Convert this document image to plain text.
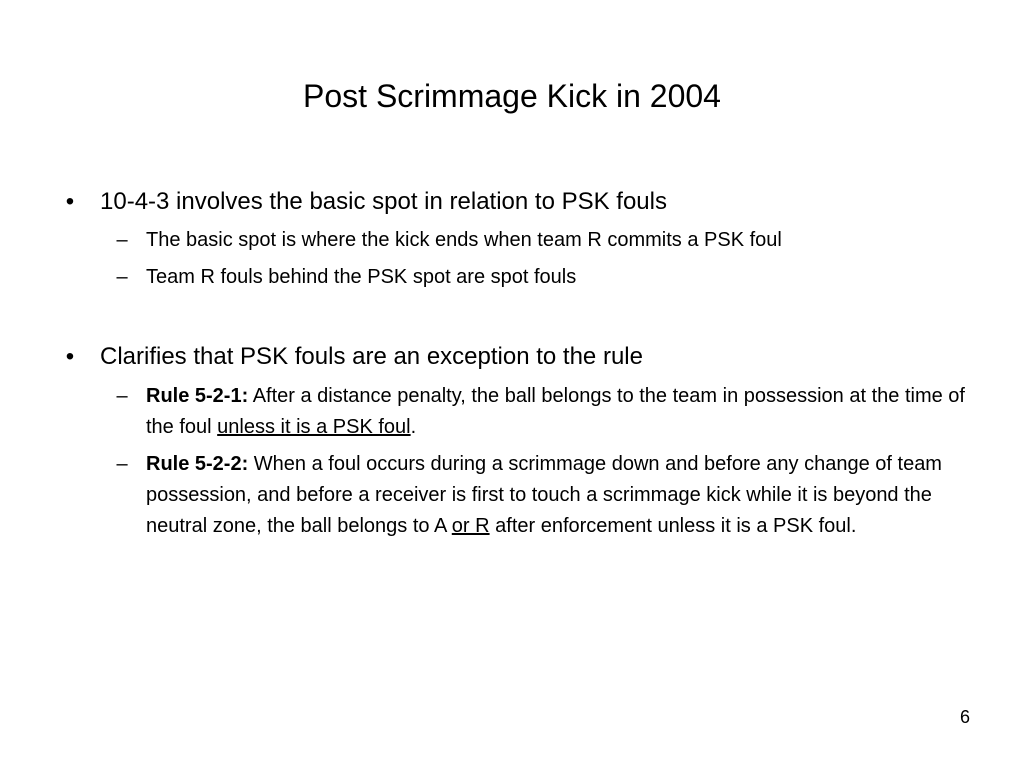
Post Scrimmage Kick in 2004
• 10-4-3 involves the basic spot in relation to PSK fouls
– The basic spot is where the kick ends when team R commits a PSK foul
– Team R fouls behind the PSK spot are spot fouls
• Clarifies that PSK fouls are an exception to the rule
– Rule 5-2-1: After a distance penalty, the ball belongs to the team in possession at the time of the foul unless it is a PSK foul.
– Rule 5-2-2: When a foul occurs during a scrimmage down and before any change of team possession, and before a receiver is first to touch a scrimmage kick while it is beyond the neutral zone, the ball belongs to A or R after enforcement unless it is a PSK foul.
6
